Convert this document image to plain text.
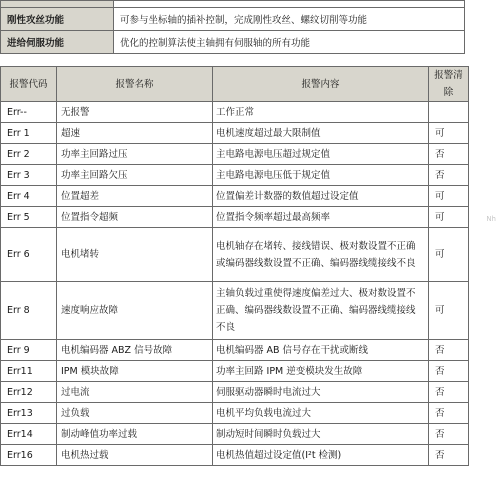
刚性攻丝功能	可参与坐标轴的插补控制，完成刚性攻丝、螺纹切削等功能
进给伺服功能	优化的控制算法使主轴拥有伺服轴的所有功能
报警代码	报警名称	报警内容	报警清除
Err--	无报警	工作正常	
Err 1	超速	电机速度超过最大限制值	可
Err 2	功率主回路过压	主电路电源电压超过规定值	否
Err 3	功率主回路欠压	主电路电源电压低于规定值	否
Err 4	位置超差	位置偏差计数器的数值超过设定值	可
Err 5	位置指令超频	位置指令频率超过最高频率	可
Err 6	电机堵转	电机轴存在堵转、接线错误、极对数设置不正确或编码器线数设置不正确、编码器线缆接线不良	可
Err 8	速度响应故障	主轴负载过重使得速度偏差过大、极对数设置不正确、编码器线数设置不正确、编码器线缆接线不良	可
Err 9	电机编码器 ABZ 信号故障	电机编码器 AB 信号存在干扰或断线	否
Err11	IPM 模块故障	功率主回路 IPM 逆变模块发生故障	否
Err12	过电流	伺服驱动器瞬时电流过大	否
Err13	过负载	电机平均负载电流过大	否
Err14	制动峰值功率过载	制动短时间瞬时负载过大	否
Err16	电机热过载	电机热值超过设定值(I²t 检测)	否
Nh
